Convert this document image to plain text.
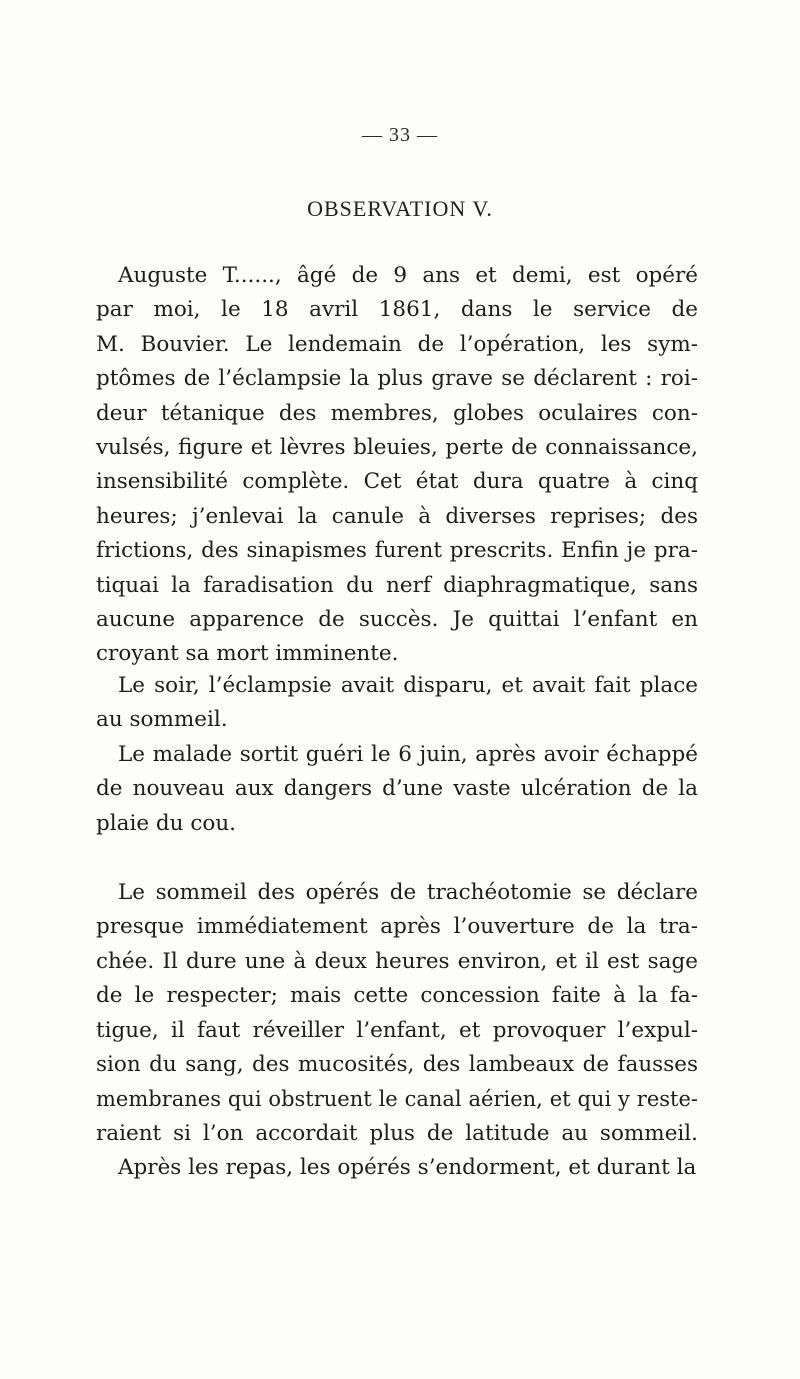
— 33 —
OBSERVATION V.
Auguste T......, âgé de 9 ans et demi, est opéré
par moi, le 18 avril 1861, dans le service de
M. Bouvier. Le lendemain de l’opération, les sym-
ptômes de l’éclampsie la plus grave se déclarent : roi-
deur tétanique des membres, globes oculaires con-
vulsés, figure et lèvres bleuies, perte de connaissance,
insensibilité complète. Cet état dura quatre à cinq
heures; j’enlevai la canule à diverses reprises; des
frictions, des sinapismes furent prescrits. Enfin je pra-
tiquai la faradisation du nerf diaphragmatique, sans
aucune apparence de succès. Je quittai l’enfant en
croyant sa mort imminente.
Le soir, l’éclampsie avait disparu, et avait fait place
au sommeil.
Le malade sortit guéri le 6 juin, après avoir échappé
de nouveau aux dangers d’une vaste ulcération de la
plaie du cou.
Le sommeil des opérés de trachéotomie se déclare
presque immédiatement après l’ouverture de la tra-
chée. Il dure une à deux heures environ, et il est sage
de le respecter; mais cette concession faite à la fa-
tigue, il faut réveiller l’enfant, et provoquer l’expul-
sion du sang, des mucosités, des lambeaux de fausses
membranes qui obstruent le canal aérien, et qui y reste-
raient si l’on accordait plus de latitude au sommeil.
Après les repas, les opérés s’endorment, et durant la
